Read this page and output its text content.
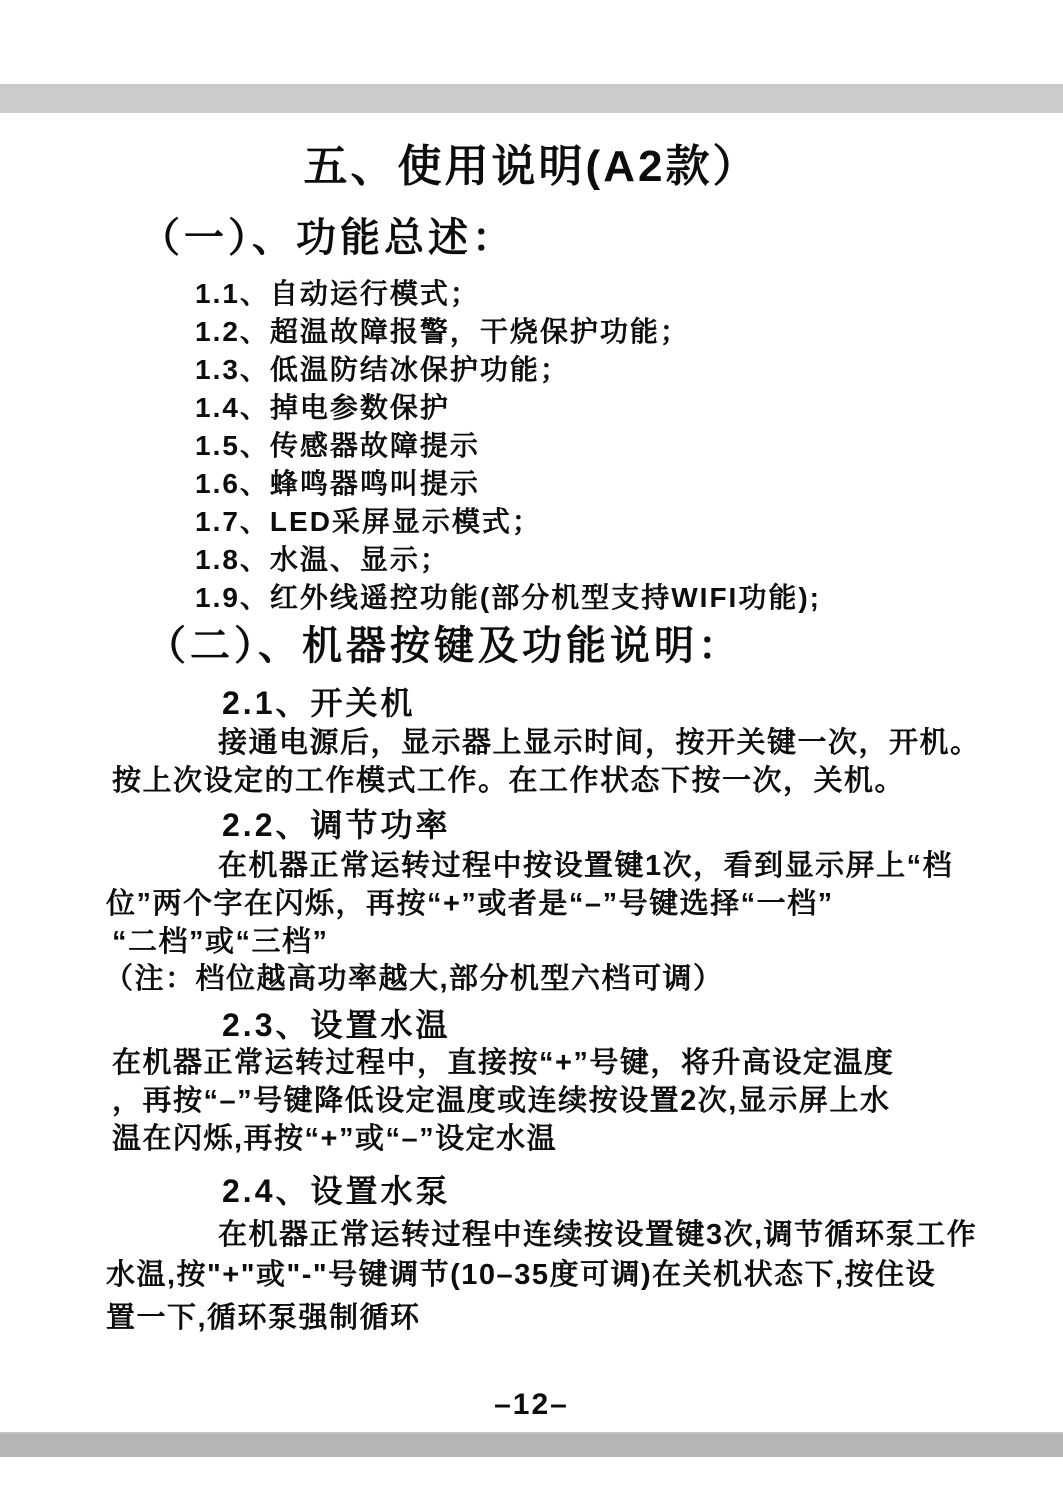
五、使用说明(A2款）
（一）、功能总述：
1.1、自动运行模式；
1.2、超温故障报警，干烧保护功能；
1.3、低温防结冰保护功能；
1.4、掉电参数保护
1.5、传感器故障提示
1.6、蜂鸣器鸣叫提示
1.7、LED采屏显示模式；
1.8、水温、显示；
1.9、红外线遥控功能(部分机型支持WIFI功能);
（二）、机器按键及功能说明：
2.1、开关机
接通电源后，显示器上显示时间，按开关键一次，开机。
按上次设定的工作模式工作。在工作状态下按一次，关机。
2.2、调节功率
在机器正常运转过程中按设置键1次，看到显示屏上“档
位”两个字在闪烁，再按“+”或者是“–”号键选择“一档”
“二档”或“三档”
（注：档位越高功率越大,部分机型六档可调）
2.3、设置水温
在机器正常运转过程中，直接按“+”号键，将升高设定温度
，再按“–”号键降低设定温度或连续按设置2次,显示屏上水
温在闪烁,再按“+”或“–”设定水温
2.4、设置水泵
在机器正常运转过程中连续按设置键3次,调节循环泵工作
水温,按"+"或"-"号键调节(10–35度可调)在关机状态下,按住设
置一下,循环泵强制循环
–12–
